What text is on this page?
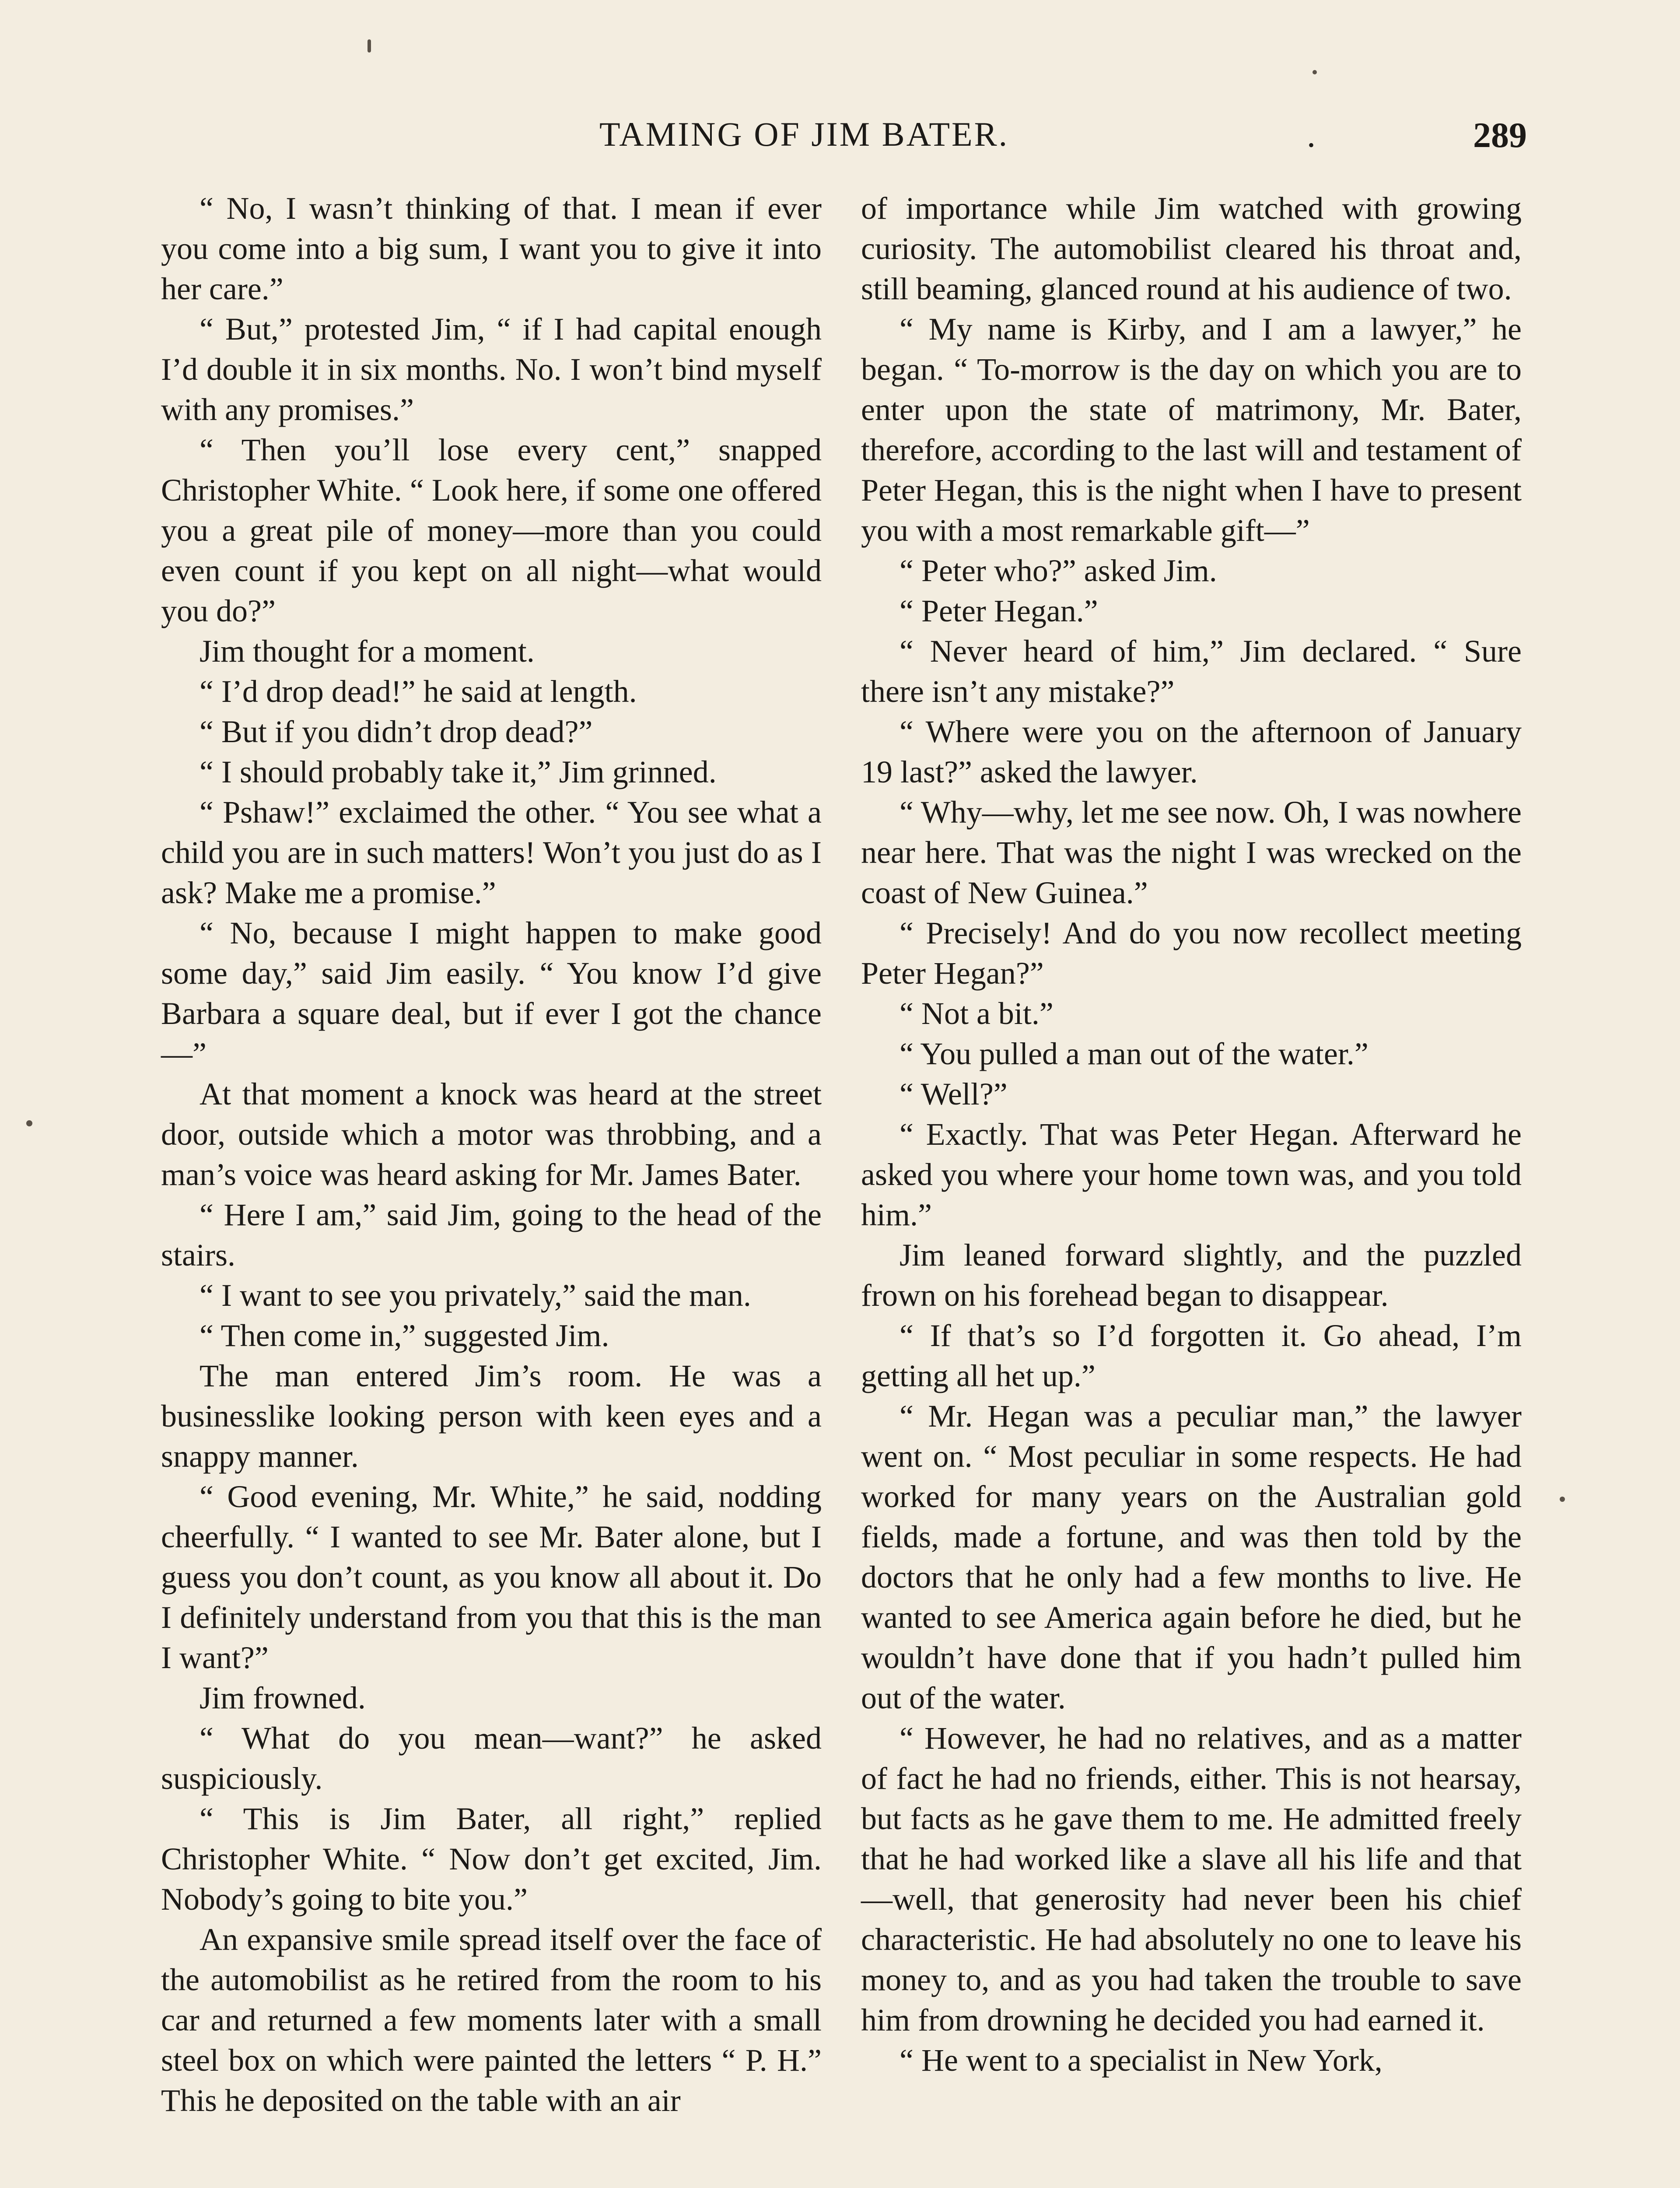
TAMING OF JIM BATER.	•	289

“ No, I wasn’t thinking of that. I mean if ever you come into a big sum, I want you to give it into her care.”

“ But,” protested Jim, “ if I had capital enough I’d double it in six months. No. I won’t bind myself with any promises.”

“ Then you’ll lose every cent,” snapped Christopher White. “ Look here, if some one offered you a great pile of money—more than you could even count if you kept on all night—what would you do?”

Jim thought for a moment.

“ I’d drop dead!” he said at length.

“ But if you didn’t drop dead?”

“ I should probably take it,” Jim grinned.

“ Pshaw!” exclaimed the other. “ You see what a child you are in such matters! Won’t you just do as I ask? Make me a promise.”

“ No, because I might happen to make good some day,” said Jim easily. “ You know I’d give Barbara a square deal, but if ever I got the chance—”

At that moment a knock was heard at the street door, outside which a motor was throbbing, and a man’s voice was heard asking for Mr. James Bater.

“ Here I am,” said Jim, going to the head of the stairs.

“ I want to see you privately,” said the man.

“ Then come in,” suggested Jim.

The man entered Jim’s room. He was a businesslike looking person with keen eyes and a snappy manner.

“ Good evening, Mr. White,” he said, nodding cheerfully. “ I wanted to see Mr. Bater alone, but I guess you don’t count, as you know all about it. Do I definitely understand from you that this is the man I want?”

Jim frowned.

“ What do you mean—want?” he asked suspiciously.

“ This is Jim Bater, all right,” replied Christopher White. “ Now don’t get excited, Jim. Nobody’s going to bite you.”

An expansive smile spread itself over the face of the automobilist as he retired from the room to his car and returned a few moments later with a small steel box on which were painted the letters “ P. H.” This he deposited on the table with an air

of importance while Jim watched with growing curiosity. The automobilist cleared his throat and, still beaming, glanced round at his audience of two.

“ My name is Kirby, and I am a lawyer,” he began. “ To-morrow is the day on which you are to enter upon the state of matrimony, Mr. Bater, therefore, according to the last will and testament of Peter Hegan, this is the night when I have to present you with a most remarkable gift—”

“ Peter who?” asked Jim.

“ Peter Hegan.”

“ Never heard of him,” Jim declared. “ Sure there isn’t any mistake?”

“ Where were you on the afternoon of January 19 last?” asked the lawyer.

“ Why—why, let me see now. Oh, I was nowhere near here. That was the night I was wrecked on the coast of New Guinea.”

“ Precisely! And do you now recollect meeting Peter Hegan?”

“ Not a bit.”

“ You pulled a man out of the water.”

“ Well?”

“ Exactly. That was Peter Hegan. Afterward he asked you where your home town was, and you told him.”

Jim leaned forward slightly, and the puzzled frown on his forehead began to disappear.

“ If that’s so I’d forgotten it. Go ahead, I’m getting all het up.”

“ Mr. Hegan was a peculiar man,” the lawyer went on. “ Most peculiar in some respects. He had worked for many years on the Australian gold fields, made a fortune, and was then told by the doctors that he only had a few months to live. He wanted to see America again before he died, but he wouldn’t have done that if you hadn’t pulled him out of the water.

“ However, he had no relatives, and as a matter of fact he had no friends, either. This is not hearsay, but facts as he gave them to me. He admitted freely that he had worked like a slave all his life and that—well, that generosity had never been his chief characteristic. He had absolutely no one to leave his money to, and as you had taken the trouble to save him from drowning he decided you had earned it.

“ He went to a specialist in New York,
